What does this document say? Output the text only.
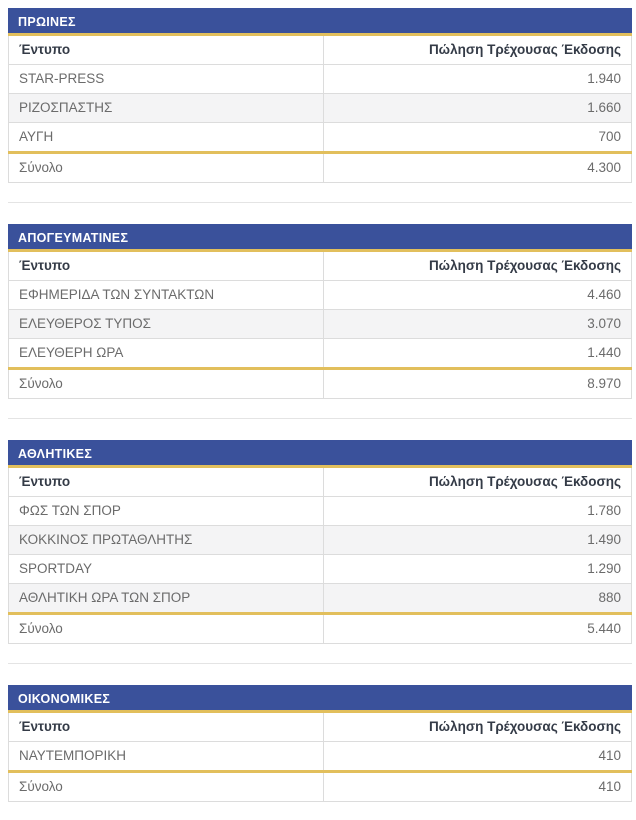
ΠΡΩΙΝΕΣ
Έντυπο	Πώληση Τρέχουσας Έκδοσης
STAR-PRESS	1.940
ΡΙΖΟΣΠΑΣΤΗΣ	1.660
ΑΥΓΗ	700
Σύνολο	4.300
ΑΠΟΓΕΥΜΑΤΙΝΕΣ
Έντυπο	Πώληση Τρέχουσας Έκδοσης
ΕΦΗΜΕΡΙΔΑ ΤΩΝ ΣΥΝΤΑΚΤΩΝ	4.460
ΕΛΕΥΘΕΡΟΣ ΤΥΠΟΣ	3.070
ΕΛΕΥΘΕΡΗ ΩΡΑ	1.440
Σύνολο	8.970
ΑΘΛΗΤΙΚΕΣ
Έντυπο	Πώληση Τρέχουσας Έκδοσης
ΦΩΣ ΤΩΝ ΣΠΟΡ	1.780
ΚΟΚΚΙΝΟΣ ΠΡΩΤΑΘΛΗΤΗΣ	1.490
SPORTDAY	1.290
ΑΘΛΗΤΙΚΗ ΩΡΑ ΤΩΝ ΣΠΟΡ	880
Σύνολο	5.440
ΟΙΚΟΝΟΜΙΚΕΣ
Έντυπο	Πώληση Τρέχουσας Έκδοσης
ΝΑΥΤΕΜΠΟΡΙΚΗ	410
Σύνολο	410
